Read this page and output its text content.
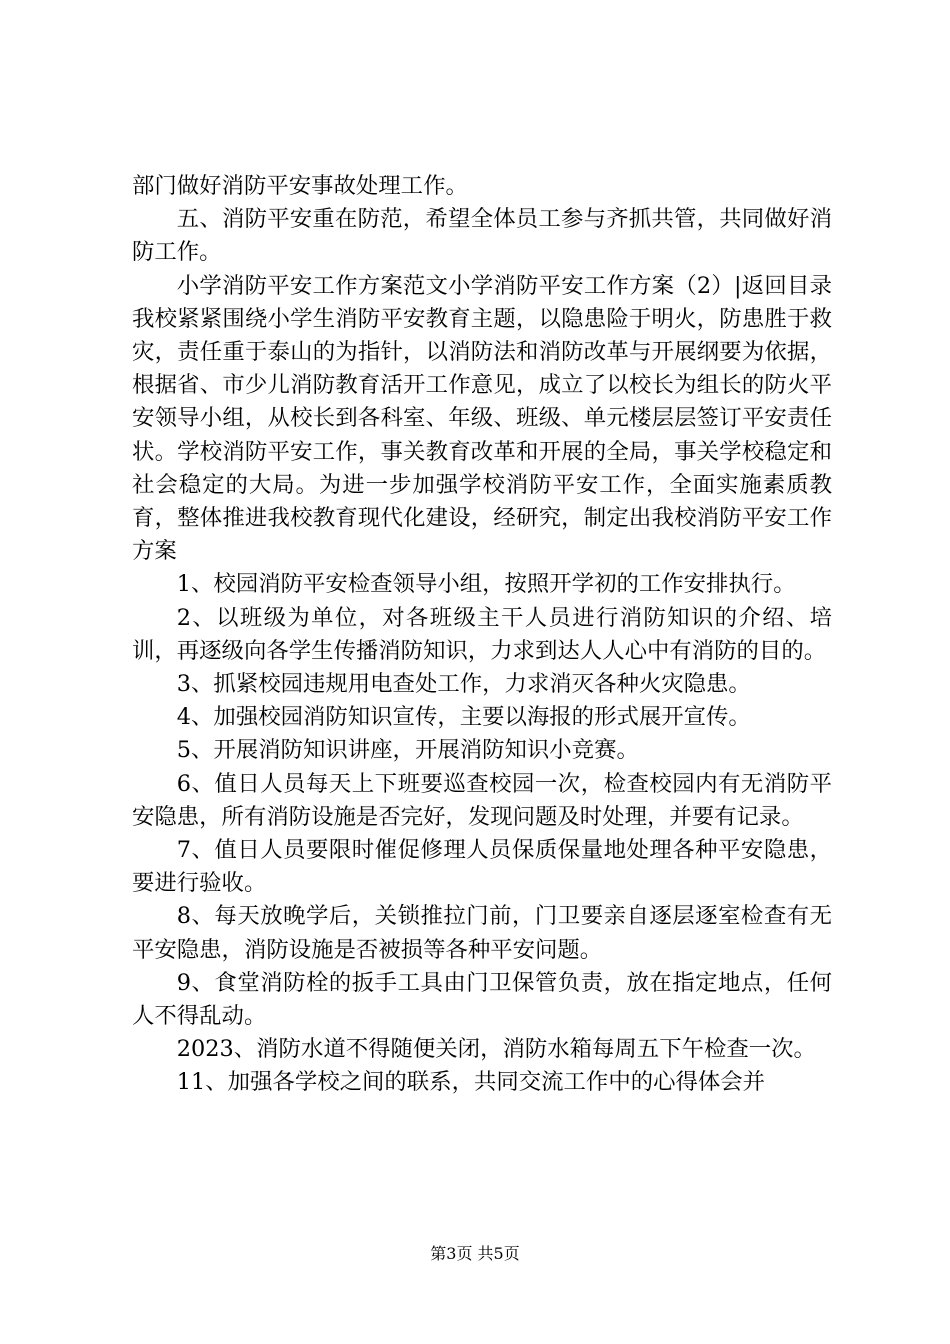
部门做好消防平安事故处理工作。

五、消防平安重在防范，希望全体员工参与齐抓共管，共同做好消防工作。

小学消防平安工作方案范文小学消防平安工作方案（2）|返回目录我校紧紧围绕小学生消防平安教育主题，以隐患险于明火，防患胜于救灾，责任重于泰山的为指针，以消防法和消防改革与开展纲要为依据，根据省、市少儿消防教育活开工作意见，成立了以校长为组长的防火平安领导小组，从校长到各科室、年级、班级、单元楼层层签订平安责任状。学校消防平安工作，事关教育改革和开展的全局，事关学校稳定和社会稳定的大局。为进一步加强学校消防平安工作，全面实施素质教育，整体推进我校教育现代化建设，经研究，制定出我校消防平安工作方案

1、校园消防平安检查领导小组，按照开学初的工作安排执行。

2、以班级为单位，对各班级主干人员进行消防知识的介绍、培训，再逐级向各学生传播消防知识，力求到达人人心中有消防的目的。

3、抓紧校园违规用电查处工作，力求消灭各种火灾隐患。

4、加强校园消防知识宣传，主要以海报的形式展开宣传。

5、开展消防知识讲座，开展消防知识小竞赛。

6、值日人员每天上下班要巡查校园一次，检查校园内有无消防平安隐患，所有消防设施是否完好，发现问题及时处理，并要有记录。

7、值日人员要限时催促修理人员保质保量地处理各种平安隐患，要进行验收。

8、每天放晚学后，关锁推拉门前，门卫要亲自逐层逐室检查有无平安隐患，消防设施是否被损等各种平安问题。

9、食堂消防栓的扳手工具由门卫保管负责，放在指定地点，任何人不得乱动。

2023、消防水道不得随便关闭，消防水箱每周五下午检查一次。

11、加强各学校之间的联系，共同交流工作中的心得体会并

第3页 共5页
